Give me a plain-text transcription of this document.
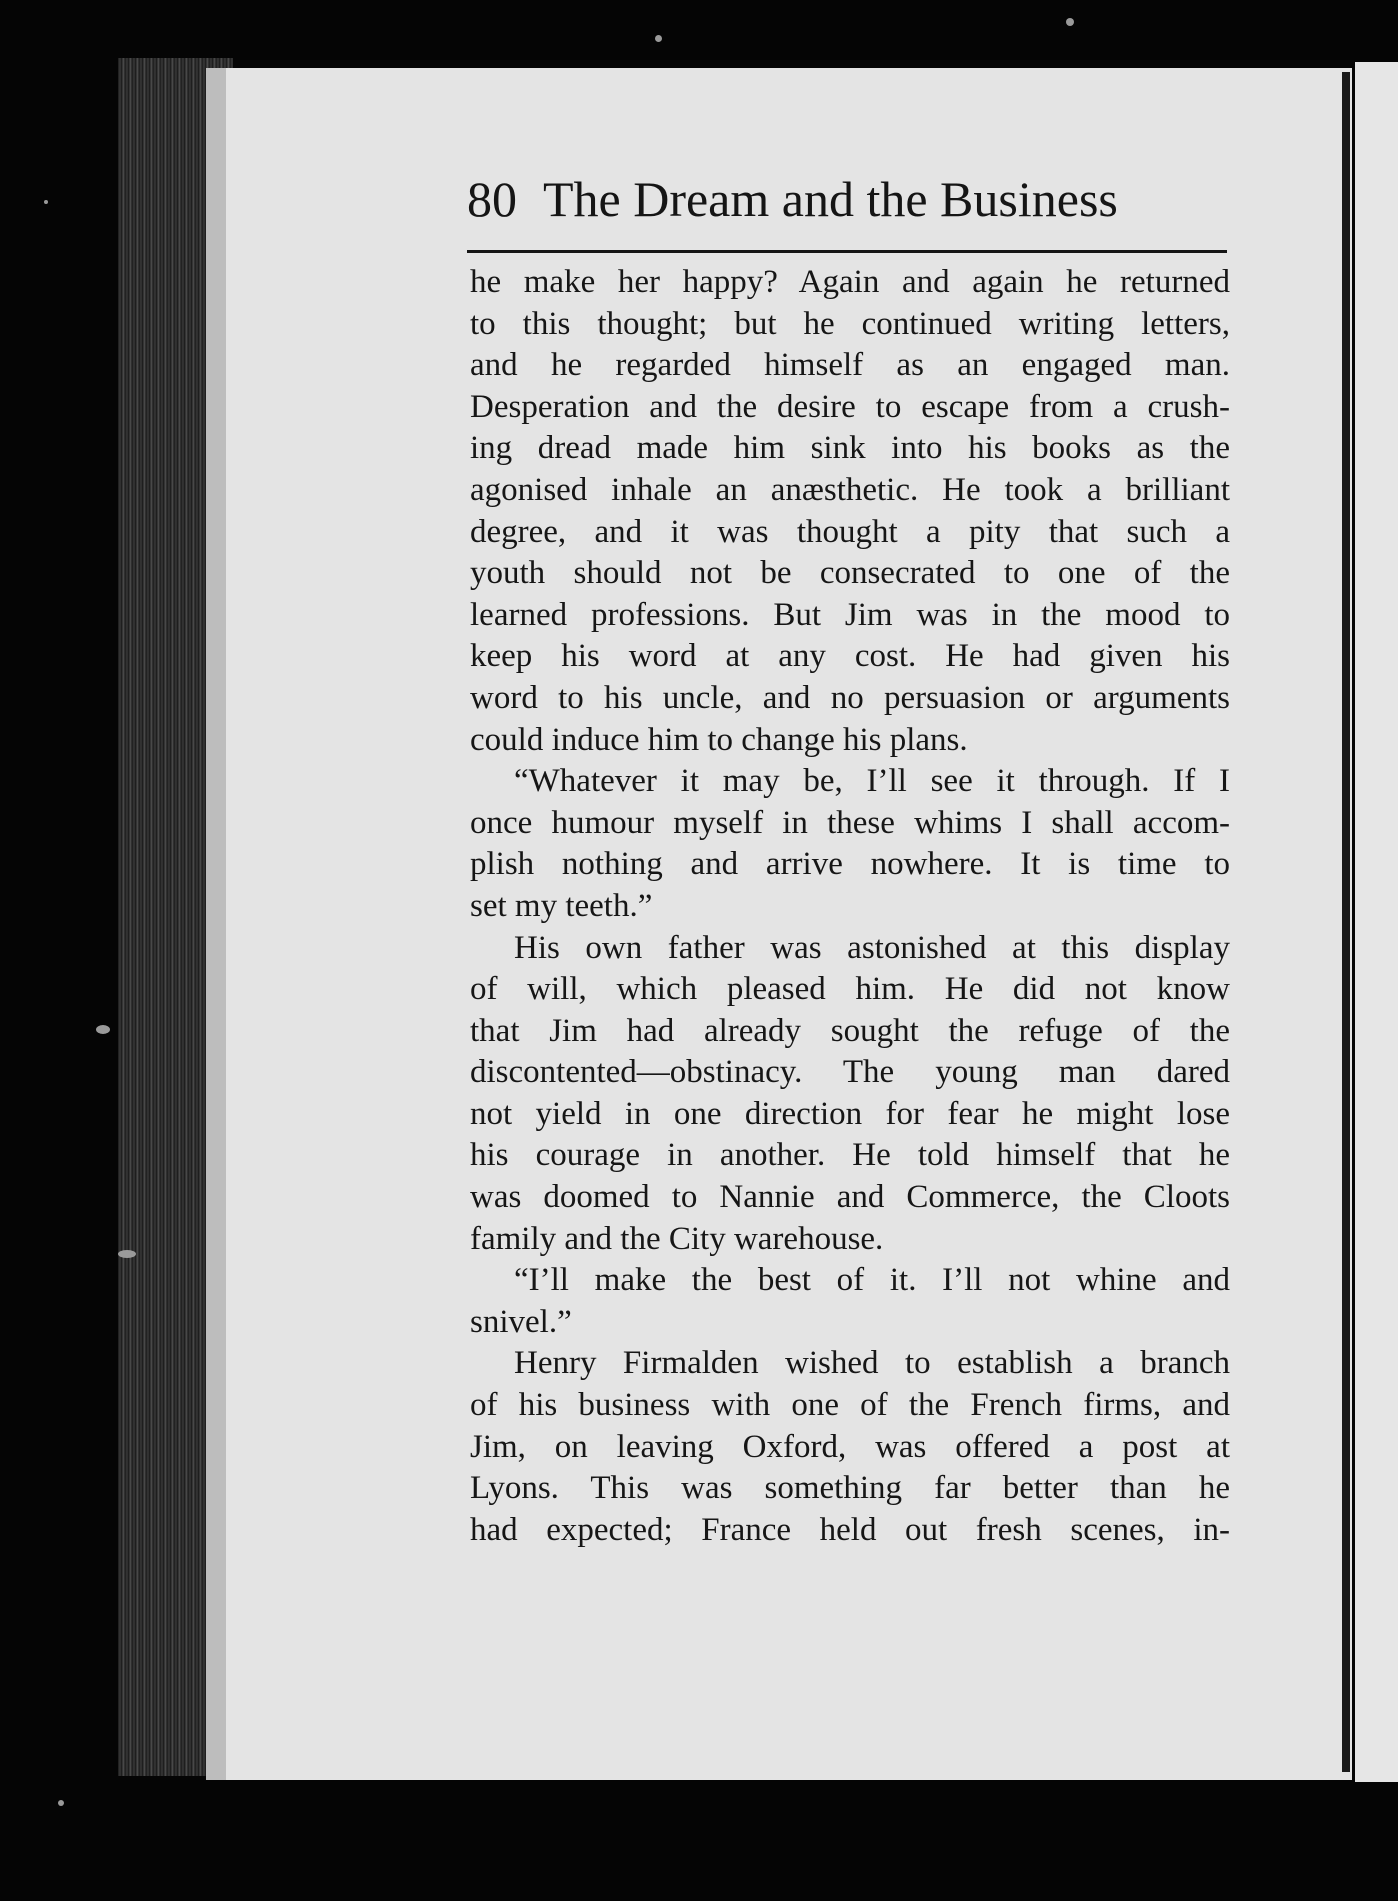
80 The Dream and the Business
he make her happy? Again and again he returned
to this thought; but he continued writing letters,
and he regarded himself as an engaged man.
Desperation and the desire to escape from a crush-
ing dread made him sink into his books as the
agonised inhale an anæsthetic. He took a brilliant
degree, and it was thought a pity that such a
youth should not be consecrated to one of the
learned professions. But Jim was in the mood to
keep his word at any cost. He had given his
word to his uncle, and no persuasion or arguments
could induce him to change his plans.
“Whatever it may be, I’ll see it through. If I
once humour myself in these whims I shall accom-
plish nothing and arrive nowhere. It is time to
set my teeth.”
His own father was astonished at this display
of will, which pleased him. He did not know
that Jim had already sought the refuge of the
discontented—obstinacy. The young man dared
not yield in one direction for fear he might lose
his courage in another. He told himself that he
was doomed to Nannie and Commerce, the Cloots
family and the City warehouse.
“I’ll make the best of it. I’ll not whine and
snivel.”
Henry Firmalden wished to establish a branch
of his business with one of the French firms, and
Jim, on leaving Oxford, was offered a post at
Lyons. This was something far better than he
had expected; France held out fresh scenes, in-
